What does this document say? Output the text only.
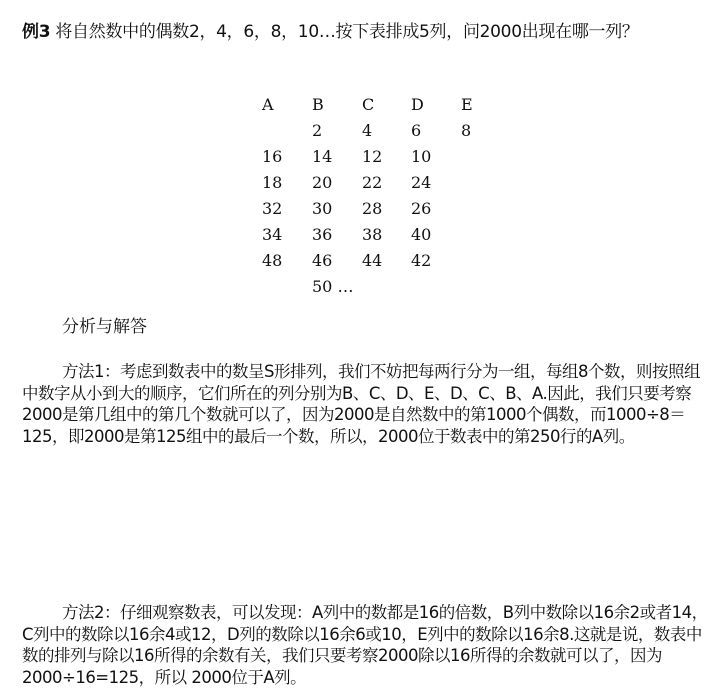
例3 将自然数中的偶数2，4，6，8，10…按下表排成5列，问2000出现在哪一列？
A B C D E
2 4 6 8
16 14 12 10
18 20 22 24
32 30 28 26
34 36 38 40
48 46 44 42
50 …
分析与解答
方法1：考虑到数表中的数呈S形排列，我们不妨把每两行分为一组，每组8个数，则按照组中数字从小到大的顺序，它们所在的列分别为B、C、D、E、D、C、B、A.因此，我们只要考察2000是第几组中的第几个数就可以了，因为2000是自然数中的第1000个偶数，而1000÷8＝125，即2000是第125组中的最后一个数，所以，2000位于数表中的第250行的A列。
方法2：仔细观察数表，可以发现：A列中的数都是16的倍数，B列中数除以16余2或者14，C列中的数除以16余4或12，D列的数除以16余6或10，E列中的数除以16余8.这就是说，数表中数的排列与除以16所得的余数有关，我们只要考察2000除以16所得的余数就可以了，因为2000÷16=125，所以 2000位于A列。
